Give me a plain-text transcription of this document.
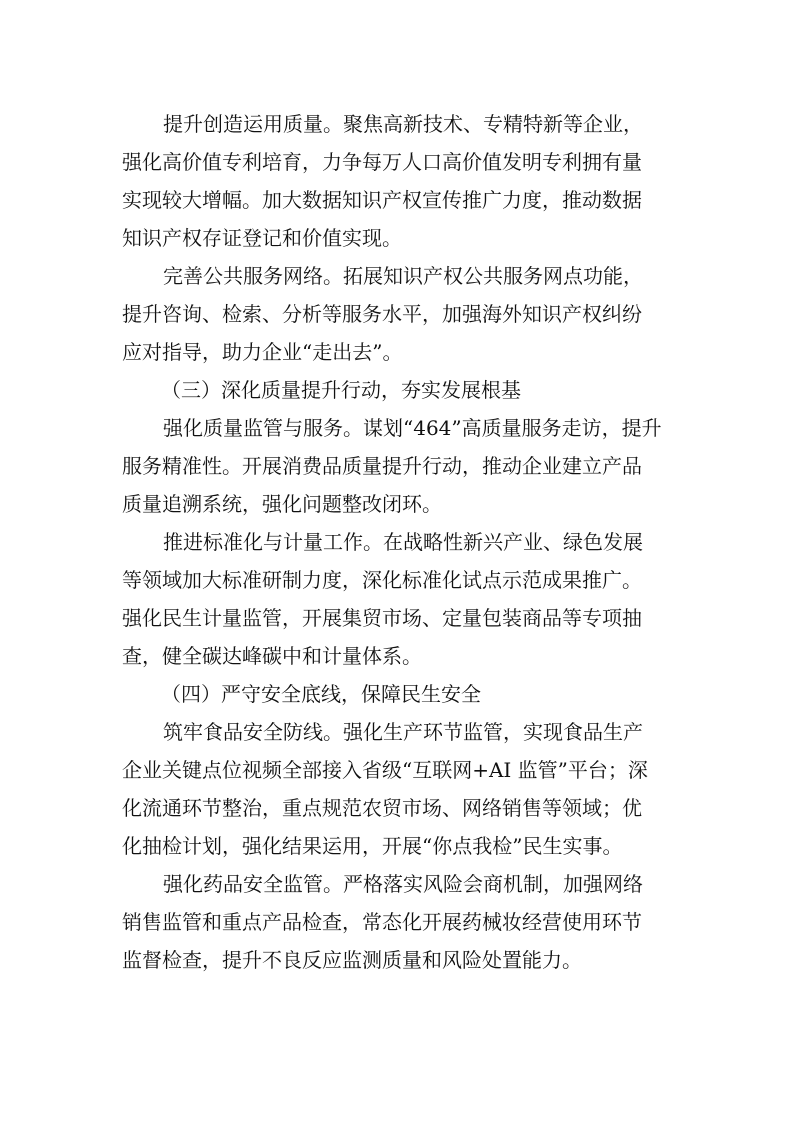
提升创造运用质量。聚焦高新技术、专精特新等企业，
强化高价值专利培育，力争每万人口高价值发明专利拥有量
实现较大增幅。加大数据知识产权宣传推广力度，推动数据
知识产权存证登记和价值实现。
完善公共服务网络。拓展知识产权公共服务网点功能，
提升咨询、检索、分析等服务水平，加强海外知识产权纠纷
应对指导，助力企业“走出去”。
（三）深化质量提升行动，夯实发展根基
强化质量监管与服务。谋划“464”高质量服务走访，提升
服务精准性。开展消费品质量提升行动，推动企业建立产品
质量追溯系统，强化问题整改闭环。
推进标准化与计量工作。在战略性新兴产业、绿色发展
等领域加大标准研制力度，深化标准化试点示范成果推广。
强化民生计量监管，开展集贸市场、定量包装商品等专项抽
查，健全碳达峰碳中和计量体系。
（四）严守安全底线，保障民生安全
筑牢食品安全防线。强化生产环节监管，实现食品生产
企业关键点位视频全部接入省级“互联网+AI 监管”平台；深
化流通环节整治，重点规范农贸市场、网络销售等领域；优
化抽检计划，强化结果运用，开展“你点我检”民生实事。
强化药品安全监管。严格落实风险会商机制，加强网络
销售监管和重点产品检查，常态化开展药械妆经营使用环节
监督检查，提升不良反应监测质量和风险处置能力。
